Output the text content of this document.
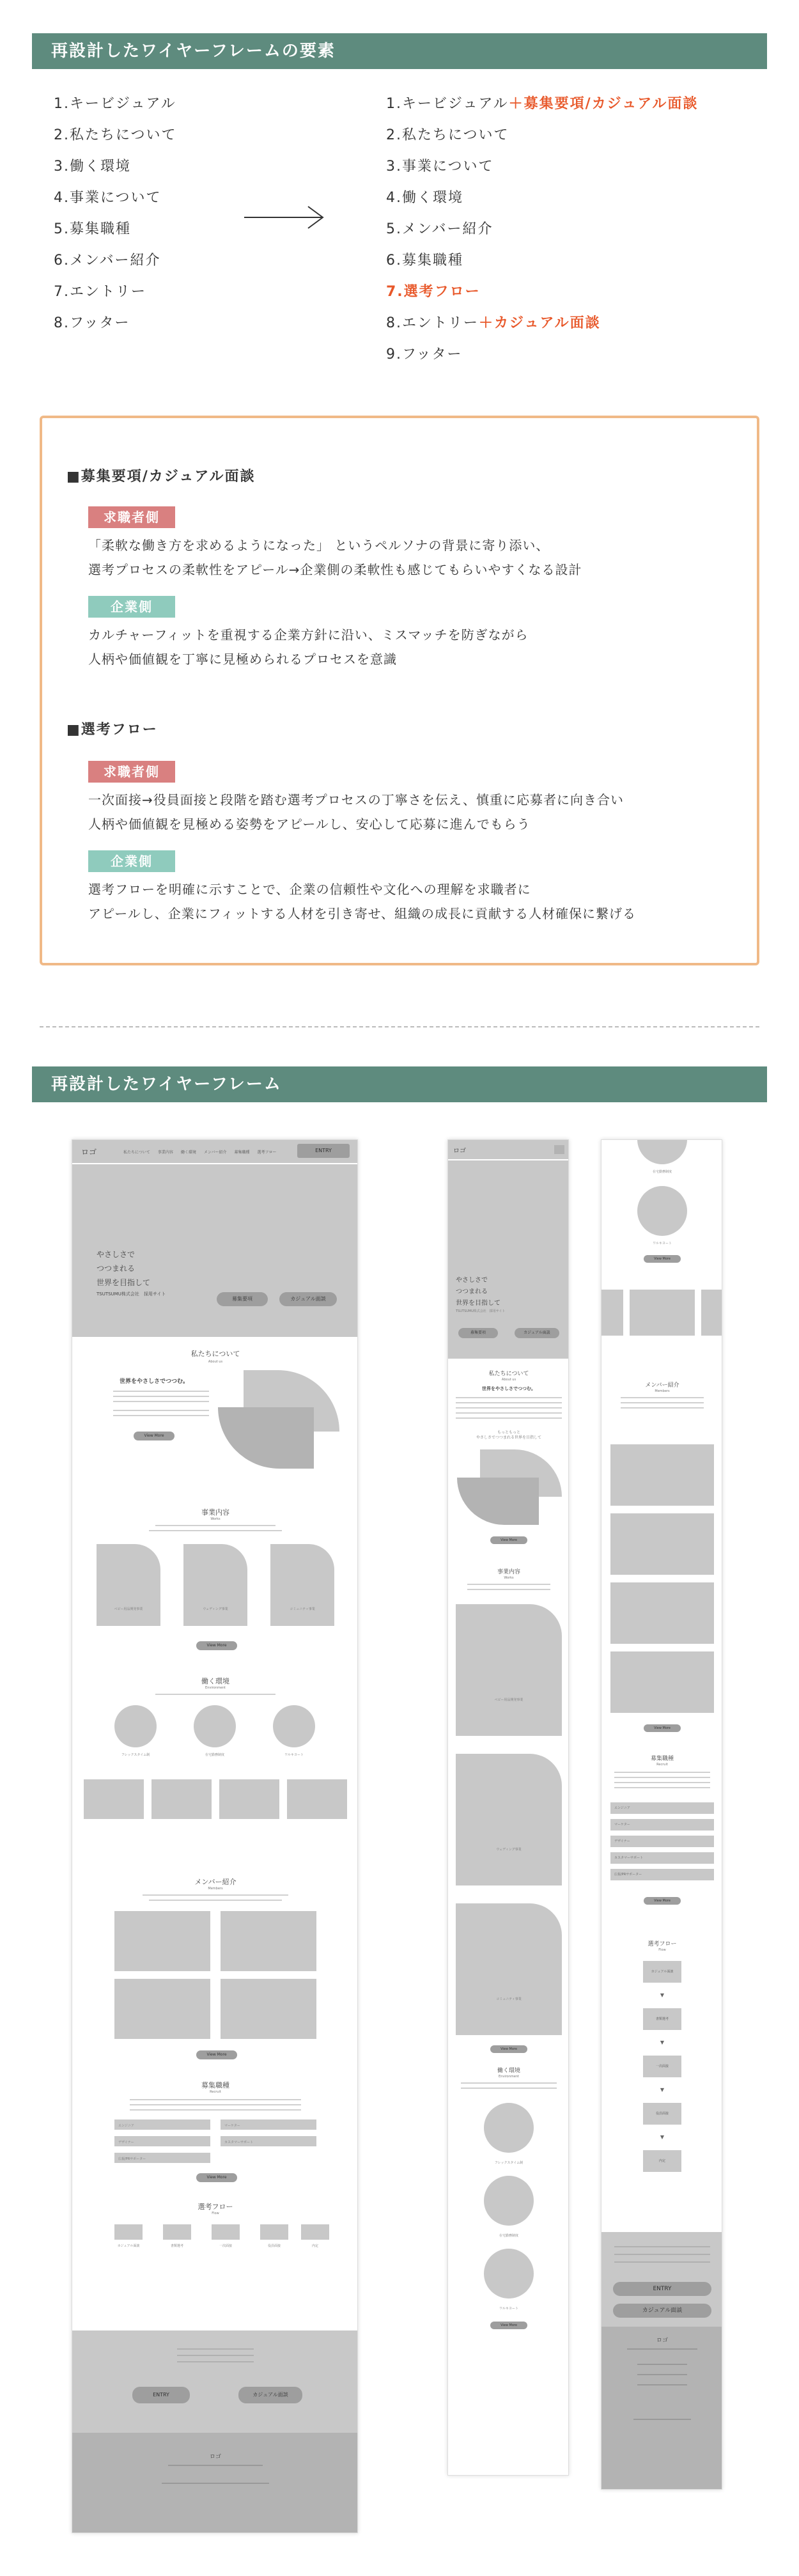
再設計したワイヤーフレームの要素
1.キービジュアル
2.私たちについて
3.働く環境
4.事業について
5.募集職種
6.メンバー紹介
7.エントリー
8.フッター
1.キービジュアル＋募集要項/カジュアル面談
2.私たちについて
3.事業について
4.働く環境
5.メンバー紹介
6.募集職種
7.選考フロー
8.エントリー＋カジュアル面談
9.フッター
■募集要項/カジュアル面談
求職者側
「柔軟な働き方を求めるようになった」 というペルソナの背景に寄り添い、
選考プロセスの柔軟性をアピール→企業側の柔軟性も感じてもらいやすくなる設計
企業側
カルチャーフィットを重視する企業方針に沿い、ミスマッチを防ぎながら
人柄や価値観を丁寧に見極められるプロセスを意識
■選考フロー
求職者側
一次面接→役員面接と段階を踏む選考プロセスの丁寧さを伝え、慎重に応募者に向き合い
人柄や価値観を見極める姿勢をアピールし、安心して応募に進んでもらう
企業側
選考フローを明確に示すことで、企業の信頼性や文化への理解を求職者に
アピールし、企業にフィットする人材を引き寄せ、組織の成長に貢献する人材確保に繋げる
再設計したワイヤーフレーム
ロゴ	私たちについて 事業内容 働く環境 メンバー紹介 募集職種 選考フロー	ENTRY
やさしさで
つつまれる
世界を目指して
TSUTSUMU株式会社　採用サイト
募集要項	カジュアル面談
私たちについて
About us
世界をやさしさでつつむ。
View More
事業内容
Works
ベビー用品開発事業	ウェディング事業	コミュニティ事業
View More
働く環境
Environment
フレックスタイム制	在宅勤務制度	ワルキヨート
メンバー紹介
Members
View More
募集職種
Recruit
エンジニア	マーケター
デザイナー	カスタマーサポート
広報/PRサポーター
View More
選考フロー
Flow
カジュアル面談	書類選考	一次面接	役員面接	内定
ENTRY	カジュアル面談
ロゴ
ロゴ
やさしさで
つつまれる
世界を目指して
TSUTSUMU株式会社　採用サイト
募集要項	カジュアル面談
私たちについて
About us
世界をやさしさでつつむ。
もっともっと
やさしさでつつまれる世界を目指して
View More
事業内容
Works
ベビー用品開発事業
ウェディング事業
コミュニティ事業
View More
働く環境
Environment
フレックスタイム制
在宅勤務制度
ワルキヨート
View More
在宅勤務制度
ワルキヨート
View More
メンバー紹介
Members
View More
募集職種
Recruit
エンジニア
マーケター
デザイナー
カスタマーサポート
広報/PRサポーター
View More
選考フロー
Flow
カジュアル面談
▼
書類選考
▼
一次面接
▼
役員面接
▼
内定
ENTRY
カジュアル面談
ロゴ
